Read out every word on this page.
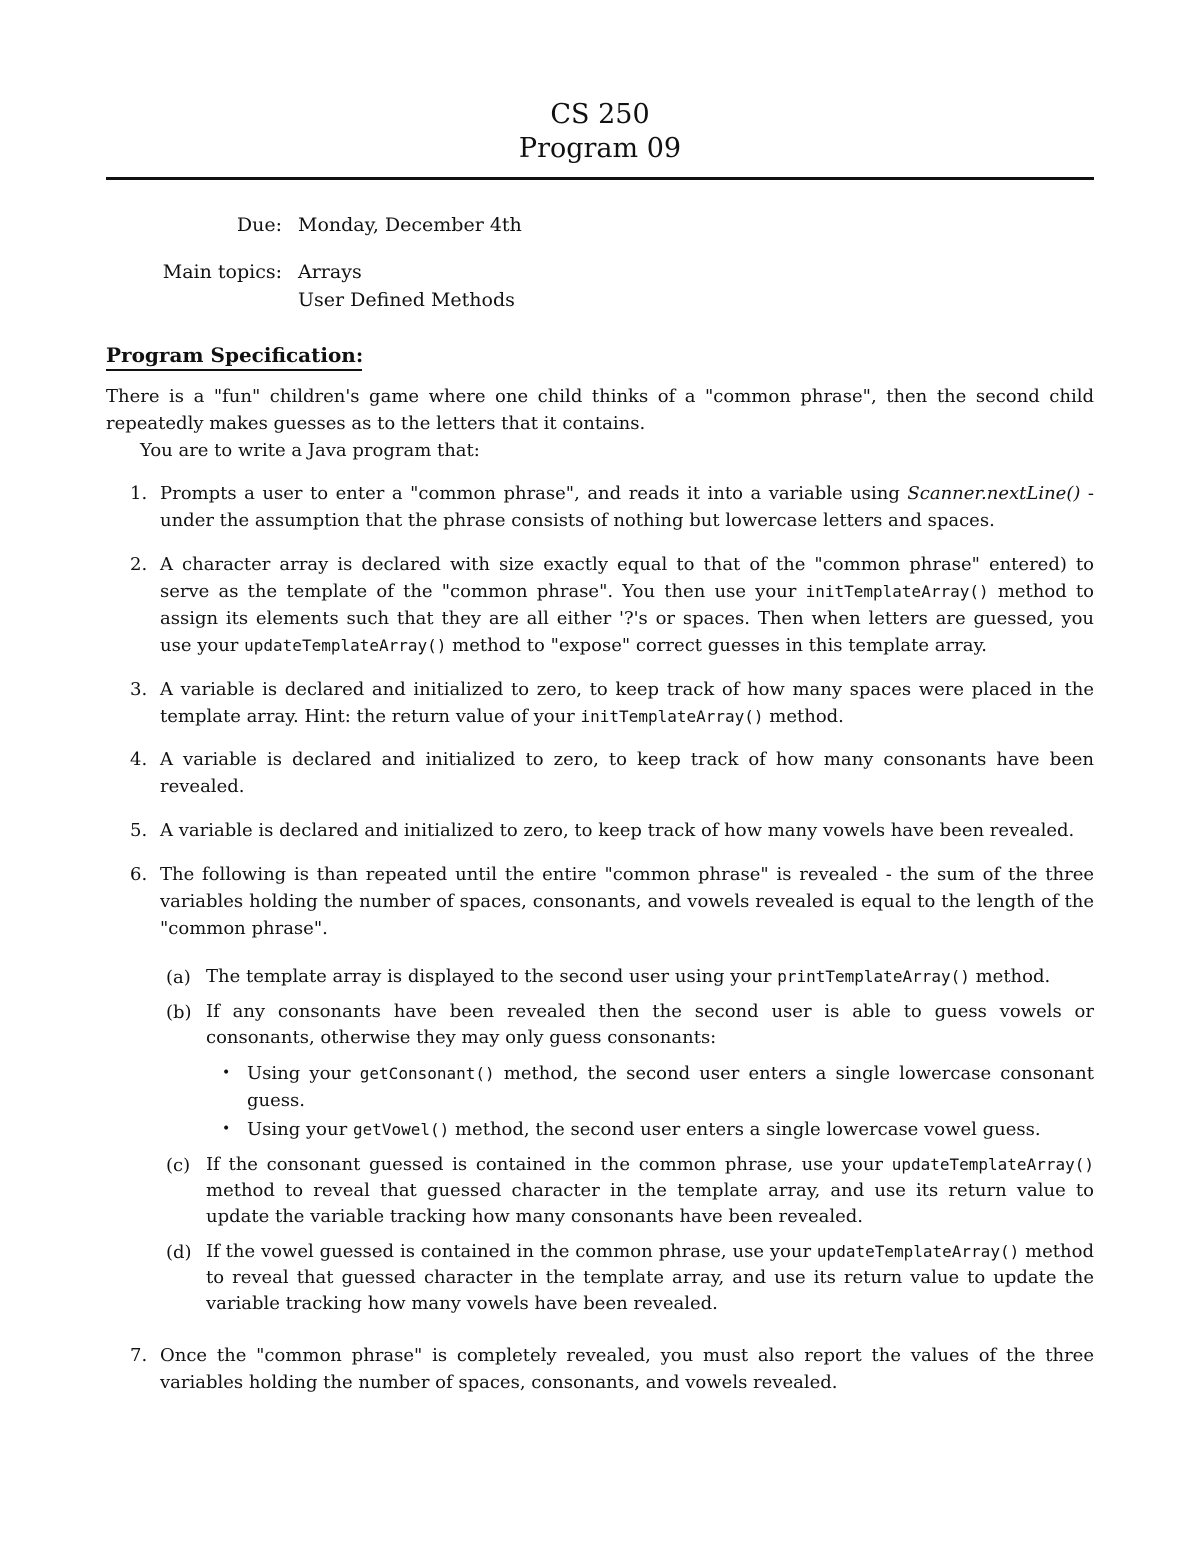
CS 250

Program 09

Due: Monday, December 4th
Main topics: Arrays
User Defined Methods

Program Specification:

There is a "fun" children's game where one child thinks of a "common phrase", then the second child repeatedly makes guesses as to the letters that it contains.

You are to write a Java program that:

1. Prompts a user to enter a "common phrase", and reads it into a variable using Scanner.nextLine() - under the assumption that the phrase consists of nothing but lowercase letters and spaces.
2. A character array is declared with size exactly equal to that of the "common phrase" entered) to serve as the template of the "common phrase". You then use your initTemplateArray() method to assign its elements such that they are all either '?'s or spaces. Then when letters are guessed, you use your updateTemplateArray() method to "expose" correct guesses in this template array.
3. A variable is declared and initialized to zero, to keep track of how many spaces were placed in the template array. Hint: the return value of your initTemplateArray() method.
4. A variable is declared and initialized to zero, to keep track of how many consonants have been revealed.
5. A variable is declared and initialized to zero, to keep track of how many vowels have been revealed.
6. The following is than repeated until the entire "common phrase" is revealed - the sum of the three variables holding the number of spaces, consonants, and vowels revealed is equal to the length of the "common phrase".
(a) The template array is displayed to the second user using your printTemplateArray() method.
(b) If any consonants have been revealed then the second user is able to guess vowels or consonants, otherwise they may only guess consonants:
• Using your getConsonant() method, the second user enters a single lowercase consonant guess.
• Using your getVowel() method, the second user enters a single lowercase vowel guess.
(c) If the consonant guessed is contained in the common phrase, use your updateTemplateArray() method to reveal that guessed character in the template array, and use its return value to update the variable tracking how many consonants have been revealed.
(d) If the vowel guessed is contained in the common phrase, use your updateTemplateArray() method to reveal that guessed character in the template array, and use its return value to update the variable tracking how many vowels have been revealed.
7. Once the "common phrase" is completely revealed, you must also report the values of the three variables holding the number of spaces, consonants, and vowels revealed.
